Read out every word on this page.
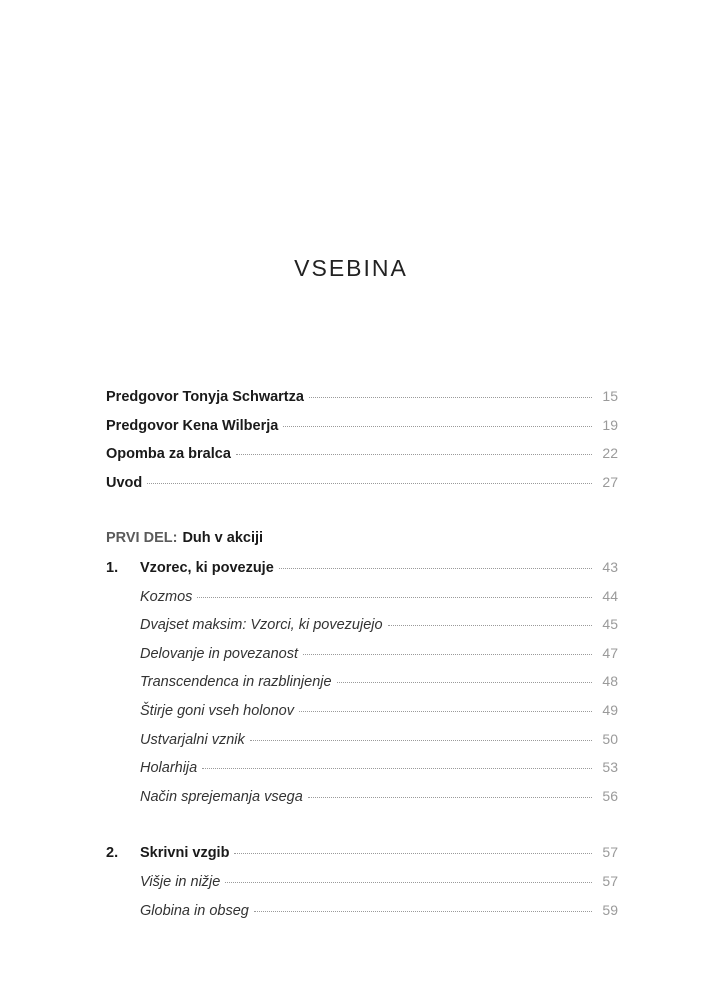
VSEBINA
Predgovor Tonyja Schwartza	15
Predgovor Kena Wilberja	19
Opomba za bralca	22
Uvod	27
PRVI DEL: Duh v akciji
1.	Vzorec, ki povezuje	43
Kozmos	44
Dvajset maksim: Vzorci, ki povezujejo	45
Delovanje in povezanost	47
Transcendenca in razblinjenje	48
Štirje goni vseh holonov	49
Ustvarjalni vznik	50
Holarhija	53
Način sprejemanja vsega	56
2.	Skrivni vzgib	57
Višje in nižje	57
Globina in obseg	59
